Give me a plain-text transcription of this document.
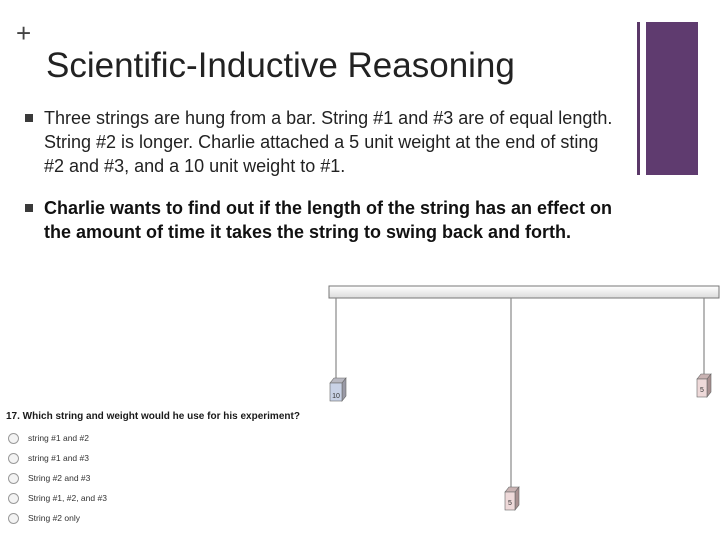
+
Scientific-Inductive Reasoning
Three strings are hung from a bar. String #1 and #3 are of equal length. String #2 is longer. Charlie attached a 5 unit weight at the end of sting #2 and #3, and a 10 unit weight to #1.
Charlie wants to find out if the length of the string has an effect on the amount of time it takes the string to swing back and forth.
10
5
5
17. Which string and weight would he use for his experiment?
string #1 and #2
string #1 and #3
String #2 and #3
String #1, #2, and #3
String #2 only
